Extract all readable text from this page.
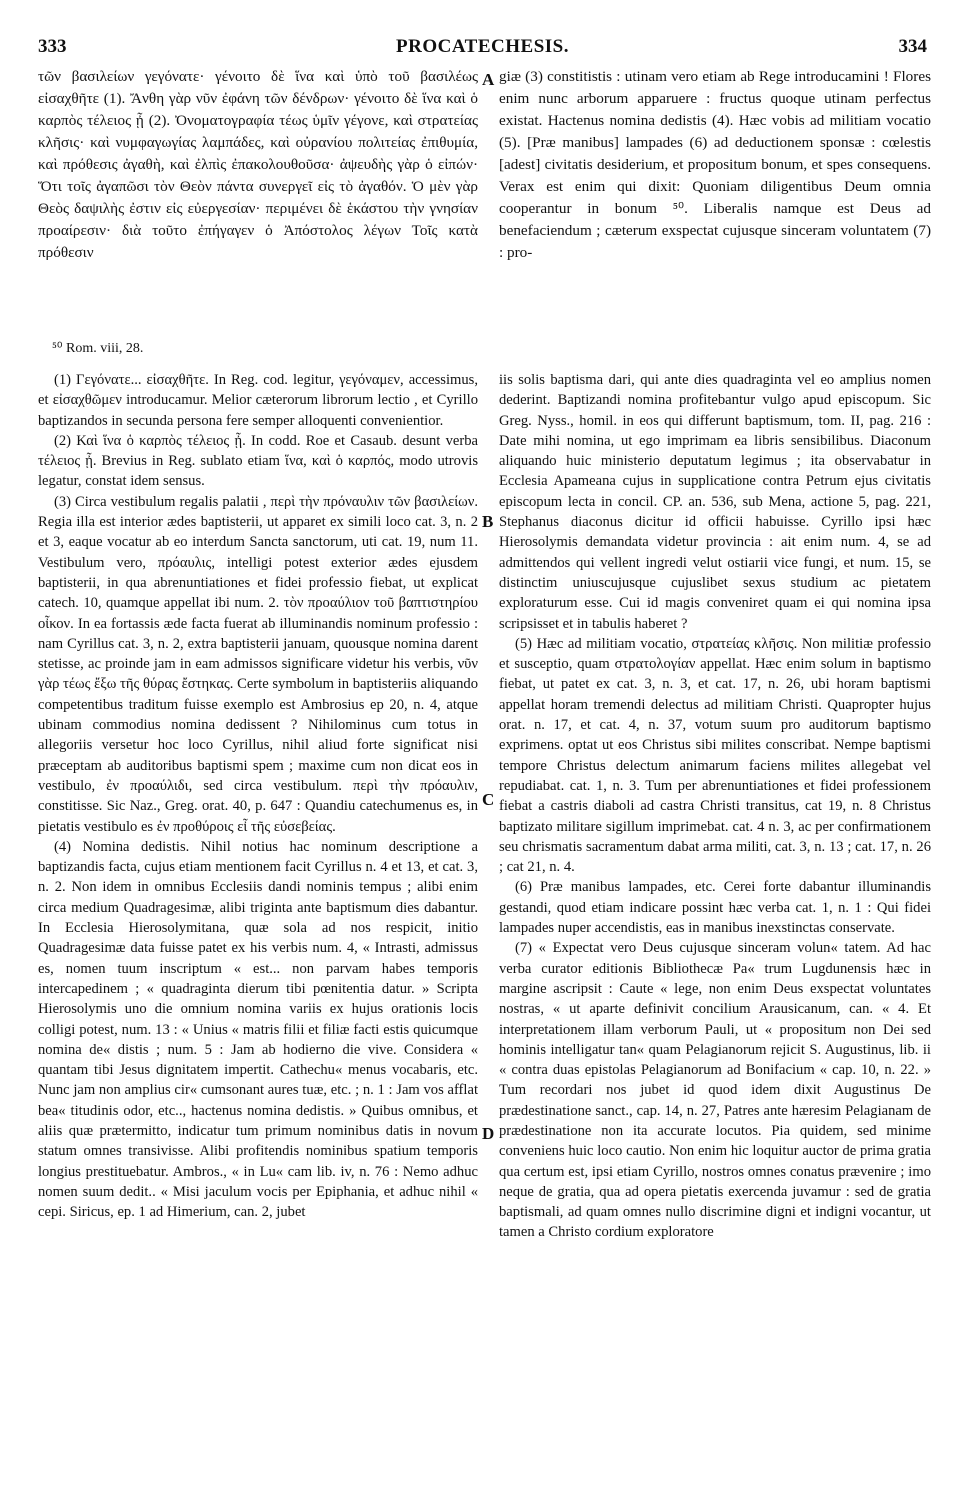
333	PROCATECHESIS.	334
A
B
C
D

τῶν βασιλείων γεγόνατε· γένοιτο δὲ ἵνα καὶ ὑπὸ τοῦ βασιλέως εἰσαχθῆτε (1). Ἄνθη γὰρ νῦν ἐφάνη τῶν δένδρων· γένοιτο δὲ ἵνα καὶ ὁ καρπὸς τέλειος ᾖ (2). Ὀνοματογραφία τέως ὑμῖν γέγονε, καὶ στρατείας κλῆσις· καὶ νυμφαγωγίας λαμπάδες, καὶ οὐρανίου πολιτείας ἐπιθυμία, καὶ πρόθεσις ἀγαθὴ, καὶ ἐλπὶς ἐπακολουθοῦσα· ἀψευδὴς γὰρ ὁ εἰπών· Ὅτι τοῖς ἀγαπῶσι τὸν Θεὸν πάντα συνεργεῖ εἰς τὸ ἀγαθόν. Ὁ μὲν γὰρ Θεὸς δαψιλὴς ἐστιν εἰς εὐεργεσίαν· περιμένει δὲ ἑκάστου τὴν γνησίαν προαίρεσιν· διὰ τοῦτο ἐπήγαγεν ὁ Ἀπόστολος λέγων Τοῖς κατὰ πρόθεσιν

giæ (3) constitistis : utinam vero etiam ab Rege introducamini ! Flores enim nunc arborum apparuere : fructus quoque utinam perfectus existat. Hactenus nomina dedistis (4). Hæc vobis ad militiam vocatio (5). [Præ manibus] lampades (6) ad deductionem sponsæ : cœlestis [adest] civitatis desiderium, et propositum bonum, et spes consequens. Verax est enim qui dixit: Quoniam diligentibus Deum omnia cooperantur in bonum ⁵⁰. Liberalis namque est Deus ad benefaciendum ; cæterum exspectat cujusque sinceram voluntatem (7) : pro-

⁵⁰ Rom. viii, 28.

(1) Γεγόνατε... εἰσαχθῆτε. In Reg. cod. legitur, γεγόναμεν, accessimus, et εἰσαχθῶμεν introducamur. Melior cæterorum librorum lectio , et Cyrillo baptizandos in secunda persona fere semper alloquenti convenientior.

(2) Καὶ ἵνα ὁ καρπὸς τέλειος ᾖ. In codd. Roe et Casaub. desunt verba τέλειος ᾖ. Brevius in Reg. sublato etiam ἵνα, καὶ ὁ καρπός, modo utrovis legatur, constat idem sensus.

(3) Circa vestibulum regalis palatii , περὶ τὴν πρόναυλιν τῶν βασιλείων. Regia illa est interior ædes baptisterii, ut apparet ex simili loco cat. 3, n. 2 et 3, eaque vocatur ab eo interdum Sancta sanctorum, uti cat. 19, num 11. Vestibulum vero, πρόαυλις, intelligi potest exterior ædes ejusdem baptisterii, in qua abrenuntiationes et fidei professio fiebat, ut explicat catech. 10, quamque appellat ibi num. 2. τὸν προαύλιον τοῦ βαπτιστηρίου οἶκον. In ea fortassis æde facta fuerat ab illuminandis nominum professio : nam Cyrillus cat. 3, n. 2, extra baptisterii januam, quousque nomina darent stetisse, ac proinde jam in eam admissos significare videtur his verbis, νῦν γὰρ τέως ἔξω τῆς θύρας ἔστηκας. Certe symbolum in baptisteriis aliquando competentibus traditum fuisse exemplo est Ambrosius ep 20, n. 4, atque ubinam commodius nomina dedissent ? Nihilominus cum totus in allegoriis versetur hoc loco Cyrillus, nihil aliud forte significat nisi præceptam ab auditoribus baptismi spem ; maxime cum non dicat eos in vestibulo, ἐν προαύλιδι, sed circa vestibulum. περὶ τὴν πρόαυλιν, constitisse. Sic Naz., Greg. orat. 40, p. 647 : Quandiu catechumenus es, in pietatis vestibulo es ἐν προθύροις εἶ τῆς εὐσεβείας.

(4) Nomina dedistis. Nihil notius hac nominum descriptione a baptizandis facta, cujus etiam mentionem facit Cyrillus n. 4 et 13, et cat. 3, n. 2. Non idem in omnibus Ecclesiis dandi nominis tempus ; alibi enim circa medium Quadragesimæ, alibi triginta ante baptismum dies dabantur. In Ecclesia Hierosolymitana, quæ sola ad nos respicit, initio Quadragesimæ data fuisse patet ex his verbis num. 4, « Intrasti, admissus es, nomen tuum inscriptum « est... non parvam habes temporis intercapedinem ; « quadraginta dierum tibi pœnitentia datur. » Scripta Hierosolymis uno die omnium nomina variis ex hujus orationis locis colligi potest, num. 13 : « Unius « matris filii et filiæ facti estis quicumque nomina de« distis ; num. 5 : Jam ab hodierno die vive. Considera « quantam tibi Jesus dignitatem impertit. Cathechu« menus vocabaris, etc. Nunc jam non amplius cir« cumsonant aures tuæ, etc. ; n. 1 : Jam vos afflat bea« titudinis odor, etc.., hactenus nomina dedistis. » Quibus omnibus, et aliis quæ prætermitto, indicatur tum primum nominibus datis in novum statum omnes transivisse. Alibi profitendis nominibus spatium temporis longius prestituebatur. Ambros., « in Lu« cam lib. iv, n. 76 : Nemo adhuc nomen suum dedit.. « Misi jaculum vocis per Epiphania, et adhuc nihil « cepi. Siricus, ep. 1 ad Himerium, can. 2, jubet

iis solis baptisma dari, qui ante dies quadraginta vel eo amplius nomen dederint. Baptizandi nomina profitebantur vulgo apud episcopum. Sic Greg. Nyss., homil. in eos qui differunt baptismum, tom. II, pag. 216 : Date mihi nomina, ut ego imprimam ea libris sensibilibus. Diaconum aliquando huic ministerio deputatum legimus ; ita observabatur in Ecclesia Apameana cujus in supplicatione contra Petrum ejus civitatis episcopum lecta in concil. CP. an. 536, sub Mena, actione 5, pag. 221, Stephanus diaconus dicitur id officii habuisse. Cyrillo ipsi hæc Hierosolymis demandata videtur provincia : ait enim num. 4, se ad admittendos qui vellent ingredi velut ostiarii vice fungi, et num. 15, se distinctim uniuscujusque cujuslibet sexus studium ac pietatem exploraturum esse. Cui id magis conveniret quam ei qui nomina ipsa scripsisset et in tabulis haberet ?

(5) Hæc ad militiam vocatio, στρατείας κλῆσις. Non militiæ professio et susceptio, quam στρατολογίαν appellat. Hæc enim solum in baptismo fiebat, ut patet ex cat. 3, n. 3, et cat. 17, n. 26, ubi horam baptismi appellat horam tremendi delectus ad militiam Christi. Quapropter hujus orat. n. 17, et cat. 4, n. 37, votum suum pro auditorum baptismo exprimens. optat ut eos Christus sibi milites conscribat. Nempe baptismi tempore Christus delectum animarum faciens milites allegebat vel repudiabat. cat. 1, n. 3. Tum per abrenuntiationes et fidei professionem fiebat a castris diaboli ad castra Christi transitus, cat 19, n. 8 Christus baptizato militare sigillum imprimebat. cat. 4 n. 3, ac per confirmationem seu chrismatis sacramentum dabat arma militi, cat. 3, n. 13 ; cat. 17, n. 26 ; cat 21, n. 4.

(6) Præ manibus lampades, etc. Cerei forte dabantur illuminandis gestandi, quod etiam indicare possint hæc verba cat. 1, n. 1 : Qui fidei lampades nuper accendistis, eas in manibus inexstinctas conservate.

(7) « Expectat vero Deus cujusque sinceram volun« tatem. Ad hac verba curator editionis Bibliothecæ Pa« trum Lugdunensis hæc in margine ascripsit : Caute « lege, non enim Deus exspectat voluntates nostras, « ut aparte definivit concilium Arausicanum, can. « 4. Et interpretationem illam verborum Pauli, ut « propositum non Dei sed hominis intelligatur tan« quam Pelagianorum rejicit S. Augustinus, lib. ii « contra duas epistolas Pelagianorum ad Bonifacium « cap. 10, n. 22. » Tum recordari nos jubet id quod idem dixit Augustinus De prædestinatione sanct., cap. 14, n. 27, Patres ante hæresim Pelagianam de prædestinatione non ita accurate locutos. Pia quidem, sed minime conveniens huic loco cautio. Non enim hic loquitur auctor de prima gratia qua certum est, ipsi etiam Cyrillo, nostros omnes conatus prævenire ; imo neque de gratia, qua ad opera pietatis exercenda juvamur : sed de gratia baptismali, ad quam omnes nullo discrimine digni et indigni vocantur, ut tamen a Christo cordium exploratore
